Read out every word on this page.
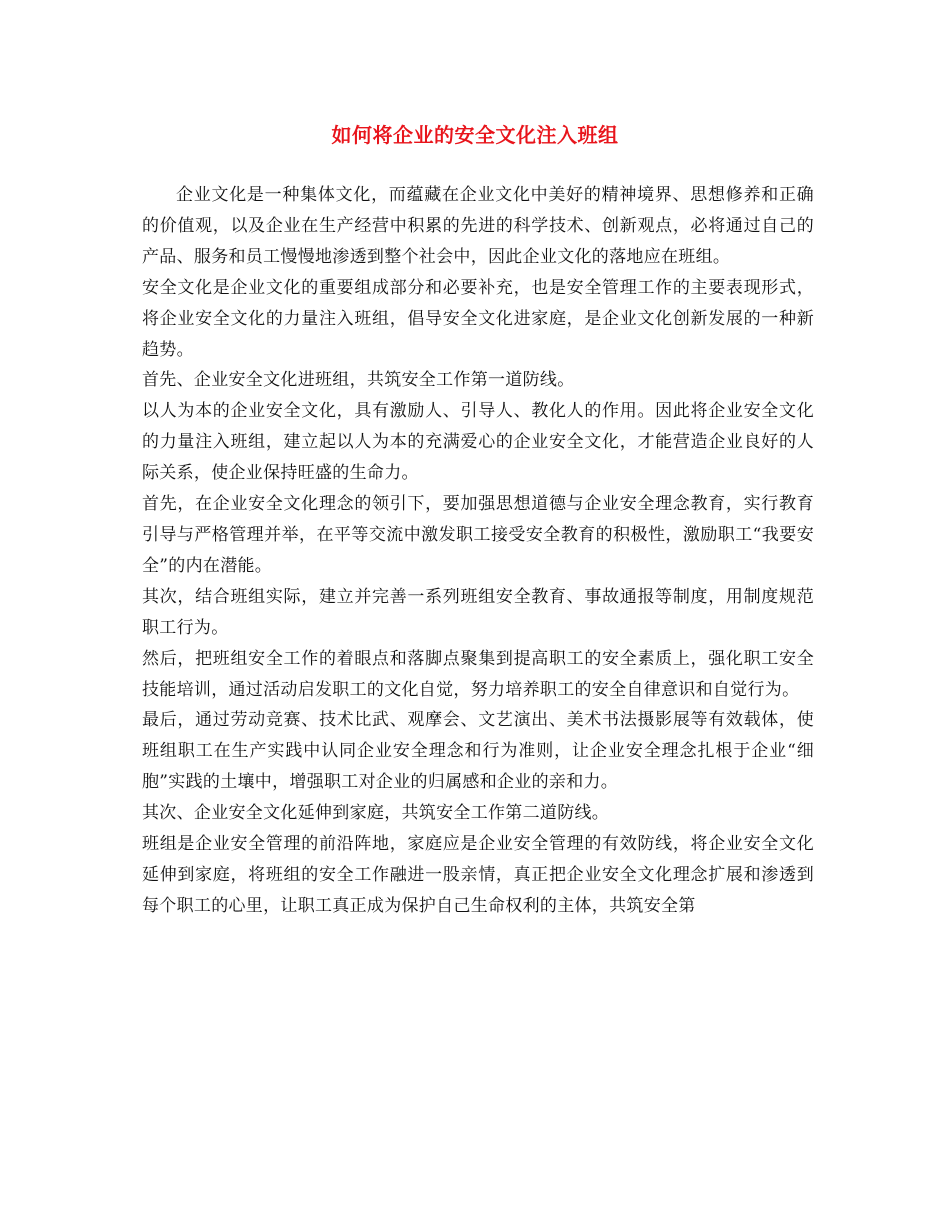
如何将企业的安全文化注入班组

企业文化是一种集体文化，而蕴藏在企业文化中美好的精神境界、思想修养和正确的价值观，以及企业在生产经营中积累的先进的科学技术、创新观点，必将通过自己的产品、服务和员工慢慢地渗透到整个社会中，因此企业文化的落地应在班组。

安全文化是企业文化的重要组成部分和必要补充，也是安全管理工作的主要表现形式，将企业安全文化的力量注入班组，倡导安全文化进家庭，是企业文化创新发展的一种新趋势。

首先、企业安全文化进班组，共筑安全工作第一道防线。

以人为本的企业安全文化，具有激励人、引导人、教化人的作用。因此将企业安全文化的力量注入班组，建立起以人为本的充满爱心的企业安全文化，才能营造企业良好的人际关系，使企业保持旺盛的生命力。

首先，在企业安全文化理念的领引下，要加强思想道德与企业安全理念教育，实行教育引导与严格管理并举，在平等交流中激发职工接受安全教育的积极性，激励职工“我要安全”的内在潜能。

其次，结合班组实际，建立并完善一系列班组安全教育、事故通报等制度，用制度规范职工行为。

然后，把班组安全工作的着眼点和落脚点聚集到提高职工的安全素质上，强化职工安全技能培训，通过活动启发职工的文化自觉，努力培养职工的安全自律意识和自觉行为。

最后，通过劳动竞赛、技术比武、观摩会、文艺演出、美术书法摄影展等有效载体，使班组职工在生产实践中认同企业安全理念和行为准则，让企业安全理念扎根于企业“细胞”实践的土壤中，增强职工对企业的归属感和企业的亲和力。

其次、企业安全文化延伸到家庭，共筑安全工作第二道防线。

班组是企业安全管理的前沿阵地，家庭应是企业安全管理的有效防线，将企业安全文化延伸到家庭，将班组的安全工作融进一股亲情，真正把企业安全文化理念扩展和渗透到每个职工的心里，让职工真正成为保护自己生命权利的主体，共筑安全第
